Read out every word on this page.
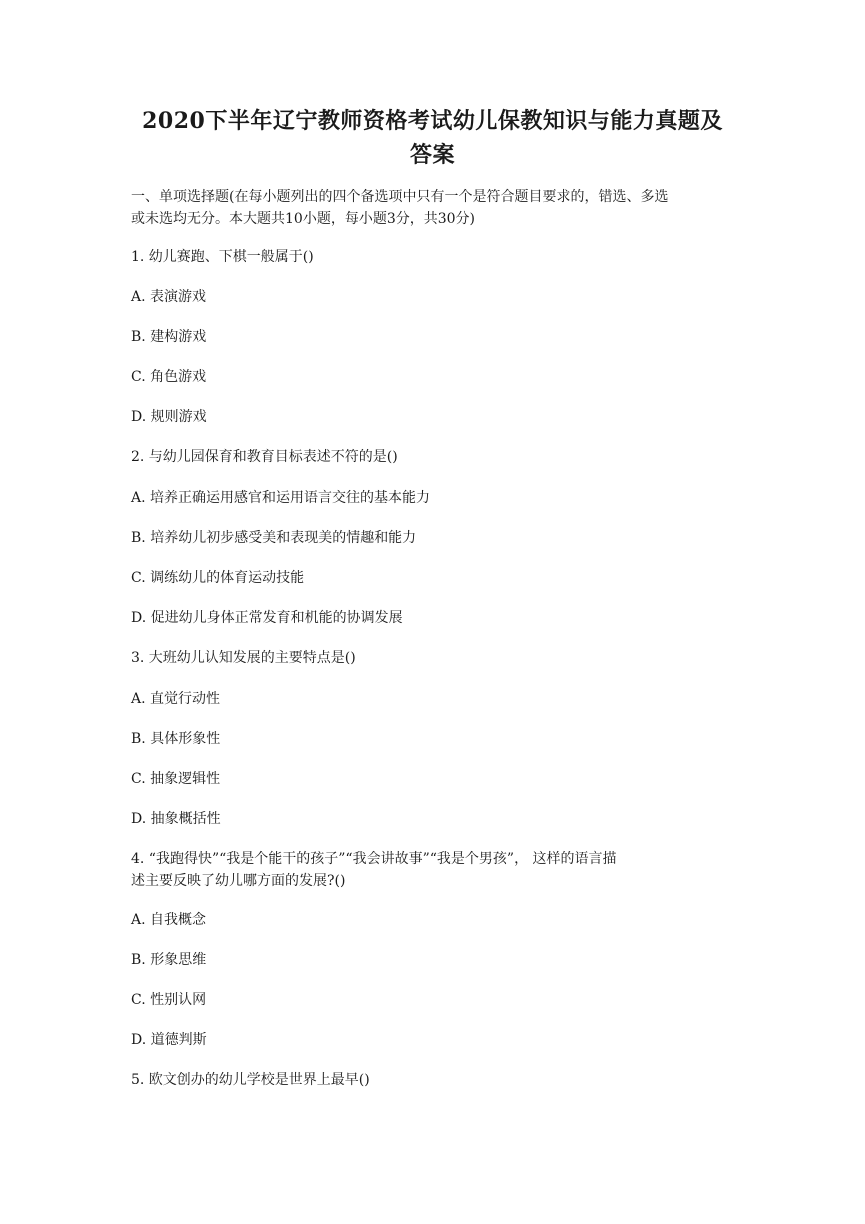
2020下半年辽宁教师资格考试幼儿保教知识与能力真题及
答案
一、单项选择题(在每小题列出的四个备选项中只有一个是符合题目要求的，错选、多选
或未选均无分。本大题共10小题，每小题3分，共30分)
1. 幼儿赛跑、下棋一般属于()
A. 表演游戏
B. 建构游戏
C. 角色游戏
D. 规则游戏
2. 与幼儿园保育和教育目标表述不符的是()
A. 培养正确运用感官和运用语言交往的基本能力
B. 培养幼儿初步感受美和表现美的情趣和能力
C. 调练幼儿的体育运动技能
D. 促进幼儿身体正常发育和机能的协调发展
3. 大班幼儿认知发展的主要特点是()
A. 直觉行动性
B. 具体形象性
C. 抽象逻辑性
D. 抽象概括性
4. “我跑得快”“我是个能干的孩子”“我会讲故事”“我是个男孩”， 这样的语言描
述主要反映了幼儿哪方面的发展?()
A. 自我概念
B. 形象思维
C. 性别认网
D. 道德判斯
5. 欧文创办的幼儿学校是世界上最早()
